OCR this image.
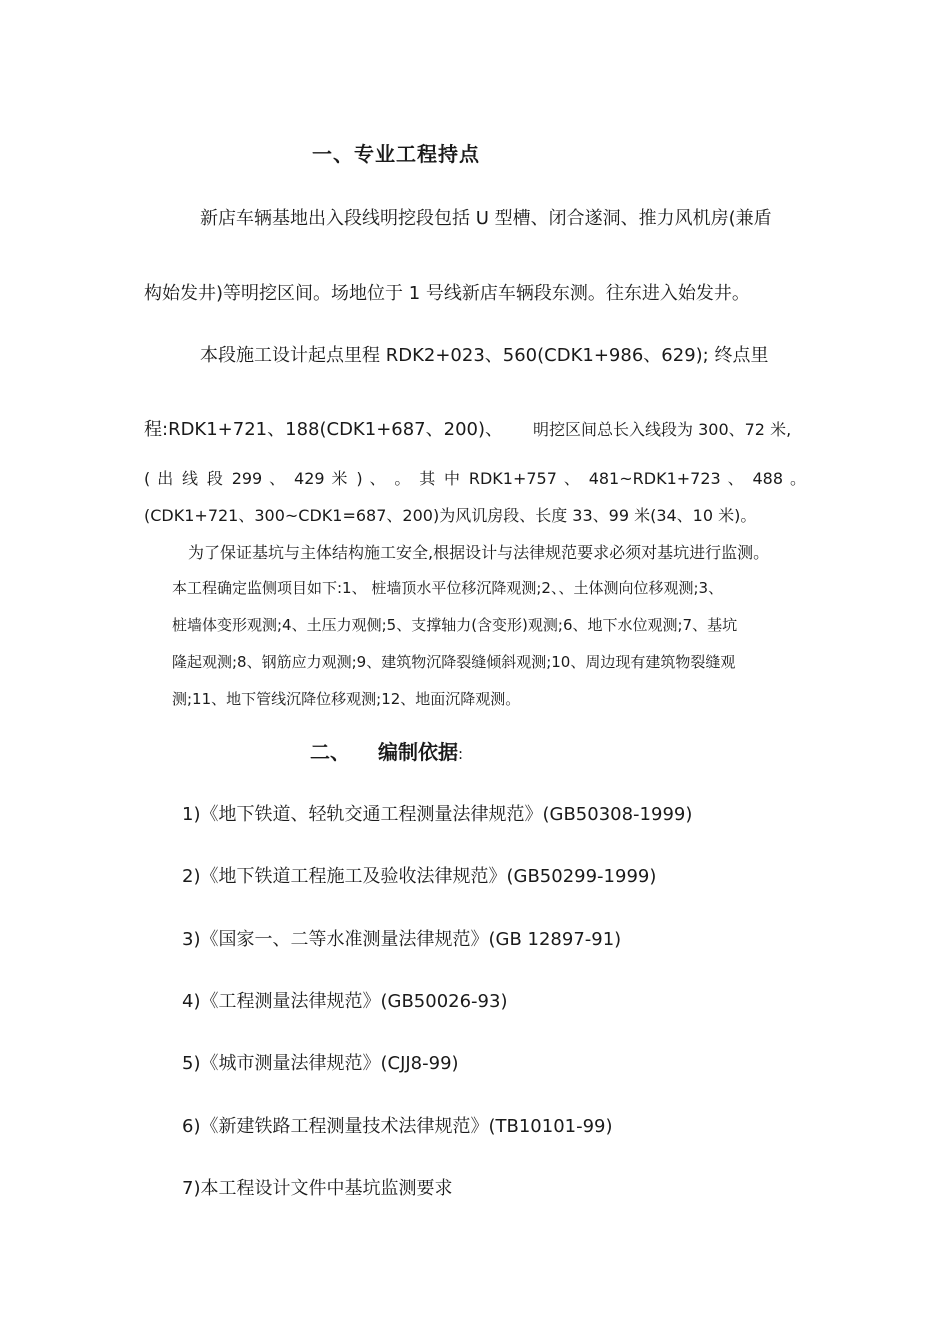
一、专业工程持点
新店车辆基地出入段线明挖段包括 U 型槽、闭合遂洞、推力风机房(兼盾
构始发井)等明挖区间。场地位于 1 号线新店车辆段东测。往东进入始发井。
本段施工设计起点里程 RDK2+023、560(CDK1+986、629); 终点里
程:RDK1+721、188(CDK1+687、200)、 明挖区间总长入线段为 300、72 米,
( 出 线 段 299 、 429 米 ) 、 。 其 中 RDK1+757 、 481~RDK1+723 、 488 。
(CDK1+721、300~CDK1=687、200)为风讥房段、长度 33、99 米(34、10 米)。
为了保证基坑与主体结构施工安全,根据设计与法律规范要求必须对基坑进行监测。
本工程确定监侧项目如下:1、 桩墙顶水平位移沉降观测;2、、土体测向位移观测;3、
桩墙体变形观测;4、土压力观侧;5、支撑轴力(含变形)观测;6、地下水位观测;7、基坑
隆起观测;8、钢筋应力观测;9、建筑物沉降裂缝倾斜观测;10、周边现有建筑物裂缝观
测;11、地下管线沉降位移观测;12、地面沉降观测。
二、 编制依据:
1)《地下铁道、轻轨交通工程测量法律规范》(GB50308-1999)
2)《地下铁道工程施工及验收法律规范》(GB50299-1999)
3)《国家一、二等水准测量法律规范》(GB 12897-91)
4)《工程测量法律规范》(GB50026-93)
5)《城市测量法律规范》(CJJ8-99)
6)《新建铁路工程测量技术法律规范》(TB10101-99)
7)本工程设计文件中基坑监测要求
